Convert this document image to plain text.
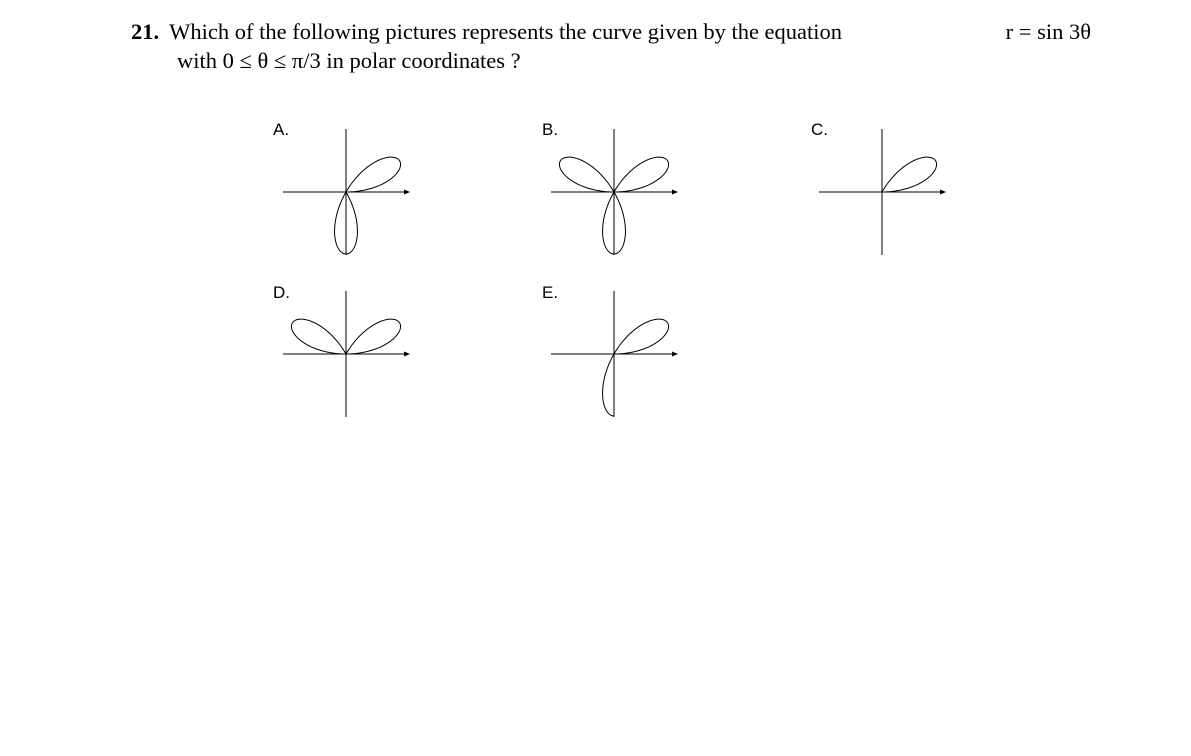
21. Which of the following pictures represents the curve given by the equation	r = sin 3θ
with 0 ≤ θ ≤ π/3 in polar coordinates ?
A.	B.	C.
D.	E.
